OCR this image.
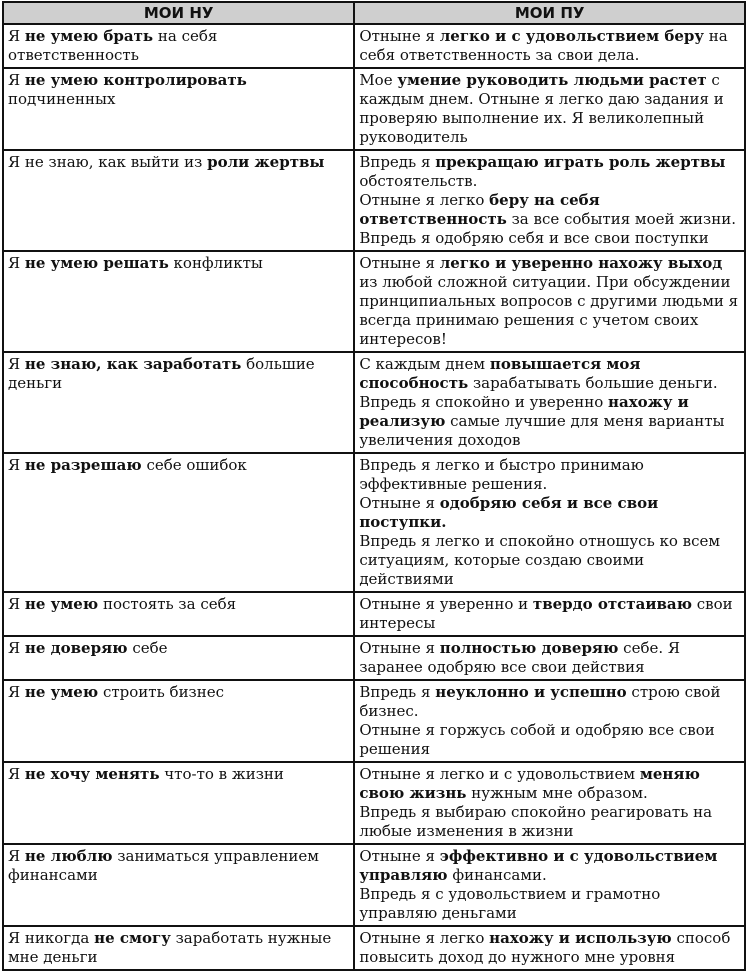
МОИ НУ	МОИ ПУ
Я не умею брать на себя ответственность	Отныне я легко и с удовольствием беру на себя ответственность за свои дела.

Я не умею контролировать подчиненных	Мое умение руководить людьми растет с каждым днем. Отныне я легко даю задания и проверяю выполнение их. Я великолепный руководитель

Я не знаю, как выйти из роли жертвы	Впредь я прекращаю играть роль жертвы обстоятельств.
Отныне я легко беру на себя ответственность за все события моей жизни. Впредь я одобряю себя и все свои поступки

Я не умею решать конфликты	Отныне я легко и уверенно нахожу выход из любой сложной ситуации. При обсуждении принципиальных вопросов с другими людьми я всегда принимаю решения с учетом своих интересов!

Я не знаю, как заработать большие деньги	С каждым днем повышается моя способность зарабатывать большие деньги. Впредь я спокойно и уверенно нахожу и реализую самые лучшие для меня варианты увеличения доходов

Я не разрешаю себе ошибок	Впредь я легко и быстро принимаю эффективные решения.
Отныне я одобряю себя и все свои поступки.
Впредь я легко и спокойно отношусь ко всем ситуациям, которые создаю своими действиями

Я не умею постоять за себя	Отныне я уверенно и твердо отстаиваю свои интересы

Я не доверяю себе	Отныне я полностью доверяю себе. Я заранее одобряю все свои действия

Я не умею строить бизнес	Впредь я неуклонно и успешно строю свой бизнес.
Отныне я горжусь собой и одобряю все свои решения

Я не хочу менять что-то в жизни	Отныне я легко и с удовольствием меняю свою жизнь нужным мне образом.
Впредь я выбираю спокойно реагировать на любые изменения в жизни

Я не люблю заниматься управлением финансами	Отныне я эффективно и с удовольствием управляю финансами.
Впредь я с удовольствием и грамотно управляю деньгами

Я никогда не смогу заработать нужные мне деньги	Отныне я легко нахожу и использую способ повысить доход до нужного мне уровня
